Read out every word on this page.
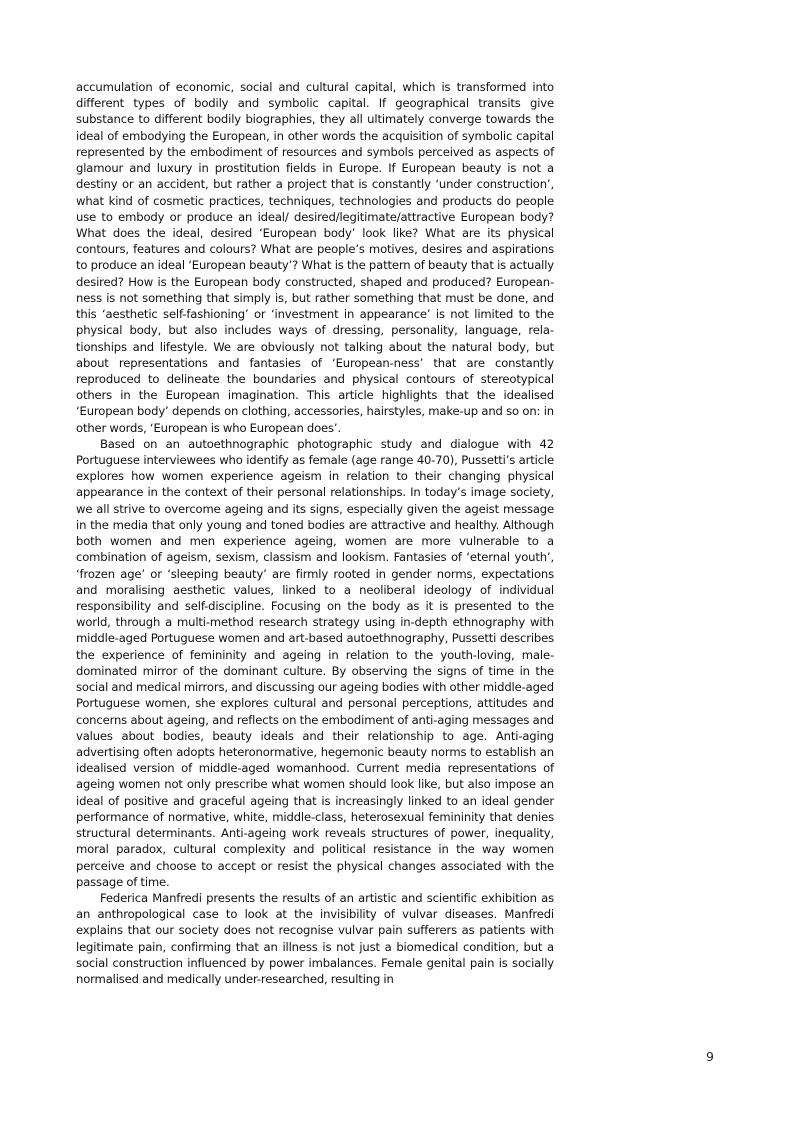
accumulation of economic, social and cultural capital, which is transformed into different types of bodily and symbolic capital. If geographical transits give substance to different bodily biographies, they all ultimately converge towards the ideal of embodying the European, in other words the acquisition of symbolic capital represented by the embodiment of resources and symbols perceived as aspects of glamour and luxury in prostitution fields in Europe. If European beauty is not a destiny or an accident, but rather a project that is constantly ‘under construction’, what kind of cosmetic practices, techniques, technologies and products do people use to embody or produce an ideal/ desired/legitimate/attractive European body? What does the ideal, desired ‘European body’ look like? What are its physical contours, features and colours? What are people’s motives, desires and aspirations to produce an ideal ‘European beauty’? What is the pattern of beauty that is actually desired? How is the European body constructed, shaped and produced? European-ness is not something that simply is, but rather something that must be done, and this ‘aesthetic self-fashioning’ or ‘investment in appearance’ is not limited to the physical body, but also includes ways of dressing, personality, language, relationships and lifestyle. We are obviously not talking about the natural body, but about representations and fantasies of ‘European-ness’ that are constantly reproduced to delineate the boundaries and physical contours of stereotypical others in the European imagination. This article highlights that the idealised ‘European body’ depends on clothing, accessories, hairstyles, make-up and so on: in other words, ‘European is who European does’.

Based on an autoethnographic photographic study and dialogue with 42 Portuguese interviewees who identify as female (age range 40-70), Pussetti’s article explores how women experience ageism in relation to their changing physical appearance in the context of their personal relationships. In today’s image society, we all strive to overcome ageing and its signs, especially given the ageist message in the media that only young and toned bodies are attractive and healthy. Although both women and men experience ageing, women are more vulnerable to a combination of ageism, sexism, classism and lookism. Fantasies of ‘eternal youth’, ‘frozen age’ or ‘sleeping beauty’ are firmly rooted in gender norms, expectations and moralising aesthetic values, linked to a neoliberal ideology of individual responsibility and self-discipline. Focusing on the body as it is presented to the world, through a multi-method research strategy using in-depth ethnography with middle-aged Portuguese women and art-based autoethnography, Pussetti describes the experience of femininity and ageing in relation to the youth-loving, male-dominated mirror of the dominant culture. By observing the signs of time in the social and medical mirrors, and discussing our ageing bodies with other middle-aged Portuguese women, she explores cultural and personal perceptions, attitudes and concerns about ageing, and reflects on the embodiment of anti-aging messages and values about bodies, beauty ideals and their relationship to age. Anti-aging advertising often adopts heteronormative, hegemonic beauty norms to establish an idealised version of middle-aged womanhood. Current media representations of ageing women not only prescribe what women should look like, but also impose an ideal of positive and graceful ageing that is increasingly linked to an ideal gender performance of normative, white, middle-class, heterosexual femininity that denies structural determinants. Anti-ageing work reveals structures of power, inequality, moral paradox, cultural complexity and political resistance in the way women perceive and choose to accept or resist the physical changes associated with the passage of time.

Federica Manfredi presents the results of an artistic and scientific exhibition as an anthropological case to look at the invisibility of vulvar diseases. Manfredi explains that our society does not recognise vulvar pain sufferers as patients with legitimate pain, confirming that an illness is not just a biomedical condition, but a social construction influenced by power imbalances. Female genital pain is socially normalised and medically under-researched, resulting in

9
